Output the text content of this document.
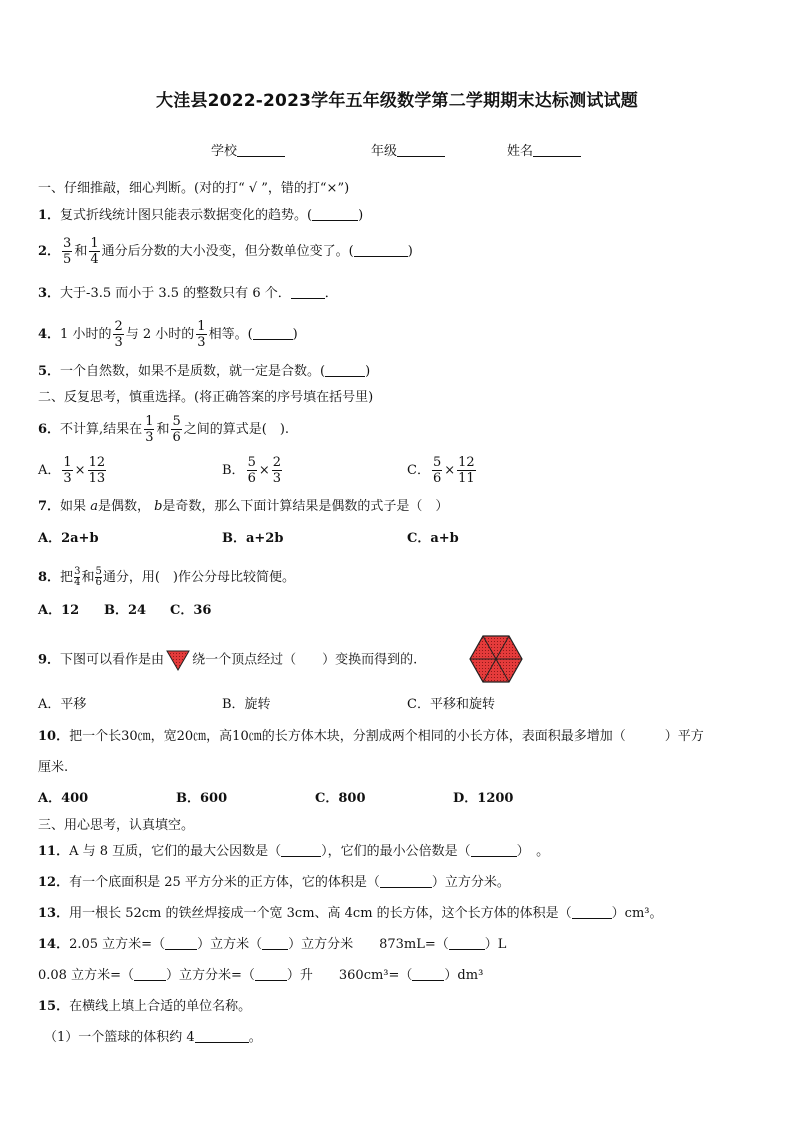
大洼县2022-2023学年五年级数学第二学期期末达标测试试题
学校	年级	姓名
一、仔细推敲，细心判断。(对的打“ √ ”，错的打“×”)
1．复式折线统计图只能表示数据变化的趋势。(	)
2． $\frac{3}{5}$ 和 $\frac{1}{4}$ 通分后分数的大小没变，但分数单位变了。(	)
3．大于-3.5 而小于 3.5 的整数只有 6 个．	．
4．1 小时的 $\frac{2}{3}$ 与 2 小时的 $\frac{1}{3}$ 相等。(	)
5．一个自然数，如果不是质数，就一定是合数。(	)
二、反复思考，慎重选择。(将正确答案的序号填在括号里)
6．不计算,结果在 $\frac{1}{3}$ 和 $\frac{5}{6}$ 之间的算式是(　).
A． $\frac{1}{3} \times \frac{12}{13}$	B． $\frac{5}{6} \times \frac{2}{3}$	C． $\frac{5}{6} \times \frac{12}{11}$
7．如果 a是偶数， b是奇数，那么下面计算结果是偶数的式子是（　）
A．2a+b	B．a+2b	C．a+b
8．把 $\frac{3}{4}$ 和 $\frac{5}{6}$ 通分，用(　)作公分母比较简便。
A．12 B．24 C．36
9．下图可以看作是由 绕一个顶点经过（　　）变换而得到的.
A．平移	B．旋转	C．平移和旋转
10．把一个长30㎝，宽20㎝，高10㎝的长方体木块，分割成两个相同的小长方体，表面积最多增加（　　　）平方
厘米.
A．400	B．600	C．800	D．1200
三、用心思考，认真填空。
11．A 与 8 互质，它们的最大公因数是（	），它们的最小公倍数是（	）　。
12．有一个底面积是 25 平方分米的正方体，它的体积是（	）立方分米。
13．用一根长 52cm 的铁丝焊接成一个宽 3cm、高 4cm 的长方体，这个长方体的体积是（	）cm³。
14．2.05 立方米=（ ）立方米（ ）立方分米　　873mL=（	）L
0.08 立方米=（ ）立方分米=（ ）升　　360cm³=（ ）dm³
15．在横线上填上合适的单位名称。
（1）一个篮球的体积约 4	。
